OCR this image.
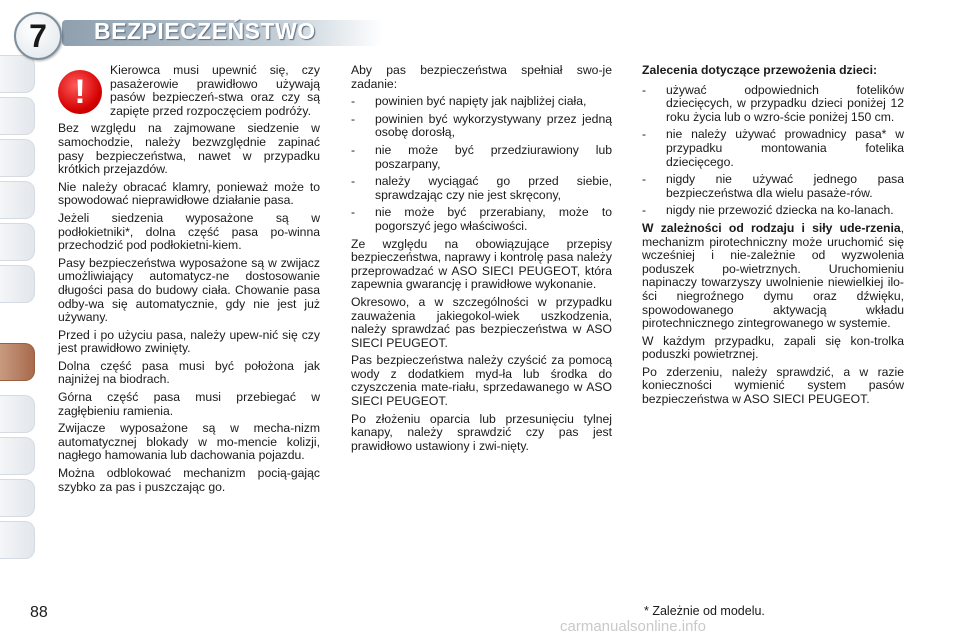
7 BEZPIECZEŃSTWO
!
Kierowca musi upewnić się, czy pasażerowie prawidłowo używają pasów bezpieczeń-stwa oraz czy są zapięte przed rozpoczęciem podróży.

Bez względu na zajmowane siedzenie w samochodzie, należy bezwzględnie zapinać pasy bezpieczeństwa, nawet w przypadku krótkich przejazdów.

Nie należy obracać klamry, ponieważ może to spowodować nieprawidłowe działanie pasa.

Jeżeli siedzenia wyposażone są w podłokietniki*, dolna część pasa po-winna przechodzić pod podłokietni-kiem.

Pasy bezpieczeństwa wyposażone są w zwijacz umożliwiający automatycz-ne dostosowanie długości pasa do budowy ciała. Chowanie pasa odby-wa się automatycznie, gdy nie jest już używany.

Przed i po użyciu pasa, należy upew-nić się czy jest prawidłowo zwinięty.

Dolna część pasa musi być położona jak najniżej na biodrach.

Górna część pasa musi przebiegać w zagłębieniu ramienia.

Zwijacze wyposażone są w mecha-nizm automatycznej blokady w mo-mencie kolizji, nagłego hamowania lub dachowania pojazdu.

Można odblokować mechanizm pocią-gając szybko za pas i puszczając go.

Aby pas bezpieczeństwa spełniał swo-je zadanie:

- powinien być napięty jak najbliżej ciała,
- powinien być wykorzystywany przez jedną osobę dorosłą,
- nie może być przedziurawiony lub poszarpany,
- należy wyciągać go przed siebie, sprawdzając czy nie jest skręcony,
- nie może być przerabiany, może to pogorszyć jego właściwości.

Ze względu na obowiązujące przepisy bezpieczeństwa, naprawy i kontrolę pasa należy przeprowadzać w ASO SIECI PEUGEOT, która zapewnia gwarancję i prawidłowe wykonanie.

Okresowo, a w szczególności w przypadku zauważenia jakiegokol-wiek uszkodzenia, należy sprawdzać pas bezpieczeństwa w ASO SIECI PEUGEOT.

Pas bezpieczeństwa należy czyścić za pomocą wody z dodatkiem myd-ła lub środka do czyszczenia mate-riału, sprzedawanego w ASO SIECI PEUGEOT.

Po złożeniu oparcia lub przesunięciu tylnej kanapy, należy sprawdzić czy pas jest prawidłowo ustawiony i zwi-nięty.

Zalecenia dotyczące przewożenia dzieci:
- używać odpowiednich fotelików dziecięcych, w przypadku dzieci poniżej 12 roku życia lub o wzro-ście poniżej 150 cm.
- nie należy używać prowadnicy pasa* w przypadku montowania fotelika dziecięcego.
- nigdy nie używać jednego pasa bezpieczeństwa dla wielu pasaże-rów.
- nigdy nie przewozić dziecka na ko-lanach.

W zależności od rodzaju i siły ude-rzenia, mechanizm pirotechniczny może uruchomić się wcześniej i nie-zależnie od wyzwolenia poduszek po-wietrznych. Uruchomieniu napinaczy towarzyszy uwolnienie niewielkiej ilo-ści niegroźnego dymu oraz dźwięku, spowodowanego aktywacją wkładu pirotechnicznego zintegrowanego w systemie.

W każdym przypadku, zapali się kon-trolka poduszki powietrznej.

Po zderzeniu, należy sprawdzić, a w razie konieczności wymienić system pasów bezpieczeństwa w ASO SIECI PEUGEOT.

88	* Zależnie od modelu.
carmanualsonline.info
